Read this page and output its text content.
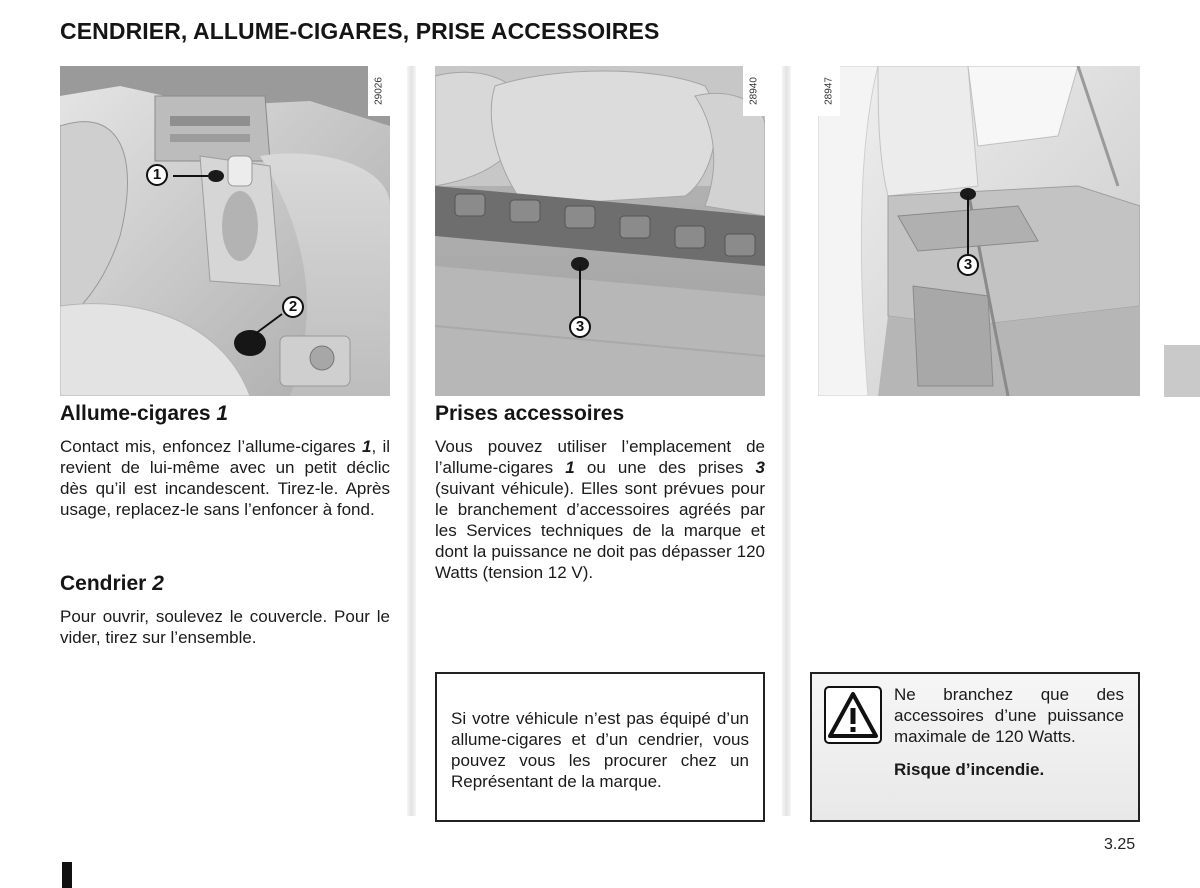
CENDRIER, ALLUME-CIGARES, PRISE ACCESSOIRES
29026
1
2
28940
3
28947
3
Allume-cigares 1

Contact mis, enfoncez l’allume-cigares 1, il revient de lui-même avec un petit déclic dès qu’il est incandescent. Tirez-le. Après usage, replacez-le sans l’enfoncer à fond.

Cendrier 2

Pour ouvrir, soulevez le couvercle. Pour le vider, tirez sur l’ensemble.

Prises accessoires

Vous pouvez utiliser l’emplacement de l’allume-cigares 1 ou une des prises 3 (suivant véhicule). Elles sont prévues pour le branchement d’accessoires agréés par les Services techniques de la marque et dont la puissance ne doit pas dépasser 120 Watts (tension 12 V).

Si votre véhicule n’est pas équipé d’un allume-cigares et d’un cendrier, vous pouvez vous les procurer chez un Représentant de la marque.

Ne branchez que des accessoires d’une puissance maximale de 120 Watts.

Risque d’incendie.

3.25
